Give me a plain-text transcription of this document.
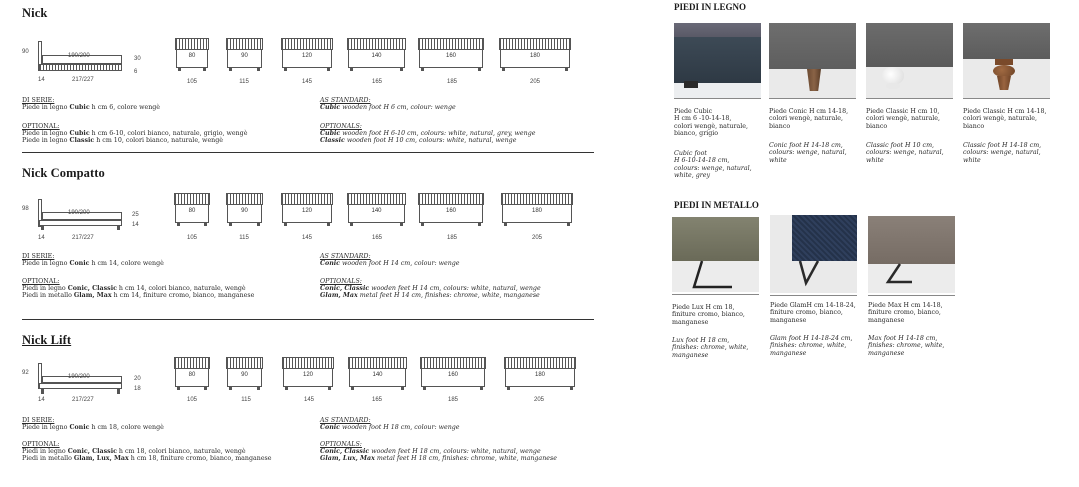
Nick
90
190/200	30
6
14	217/227
80
105
90
115
120
145
140
165
160
185
180
205
DI SERIE:
Piede in legno Cubic h cm 6, colore wengè
OPTIONAL:
Piede in legno Cubic h cm 6-10, colori bianco, naturale, grigio, wengè
Piede in legno Classic h cm 10, colori bianco, naturale, wengè
AS STANDARD:
Cubic wooden foot H 6 cm, colour: wenge
OPTIONALS:
Cubic wooden foot H 6-10 cm, colours: white, natural, grey, wenge
Classic wooden foot H 10 cm, colours: white, natural, wenge
Nick Compatto
98
190/200	25
14
14	217/227
80
105
90
115
120
145
140
165
160
185
180
205
DI SERIE:
Piede in legno Conic h cm 14, colore wengè
OPTIONAL:
Piedi in legno Conic, Classic h cm 14, colori bianco, naturale, wengè
Piedi in metallo Glam, Max h cm 14, finiture cromo, bianco, manganese
AS STANDARD:
Conic wooden foot H 14 cm, colour: wenge
OPTIONALS:
Conic, Classic wooden feet H 14 cm, colours: white, natural, wenge
Glam, Max metal feet H 14 cm, finishes: chrome, white, manganese
Nick Lift
92
190/200	20
18
14	217/227
80
105
90
115
120
145
140
165
160
185
180
205
DI SERIE:
Piede in legno Conic h cm 18, colore wengè
OPTIONAL:
Piedi in legno Conic, Classic h cm 18, colori bianco, naturale, wengè
Piedi in metallo Glam, Lux, Max h cm 18, finiture cromo, bianco, manganese
AS STANDARD:
Conic wooden foot H 18 cm, colour: wenge
OPTIONALS:
Conic, Classic wooden feet H 18 cm, colours: white, natural, wenge
Glam, Lux, Max metal feet H 18 cm, finishes: chrome, white, manganese
PIEDI IN LEGNO
Piede Cubic
H cm 6 -10-14-18,
colori wengè, naturale,
bianco, grigio
Cubic foot
H 6-10-14-18 cm,
colours: wenge, natural,
white, grey
Piede Conic H cm 14-18,
colori wengè, naturale,
bianco
Conic foot H 14-18 cm,
colours: wenge, natural,
white
Piede Classic H cm 10,
colori wengè, naturale,
bianco
Classic foot H 10 cm,
colours: wenge, natural,
white
Piede Classic H cm 14-18,
colori wengè, naturale,
bianco
Classic foot H 14-18 cm,
colours: wenge, natural,
white
PIEDI IN METALLO
Piede Lux H cm 18,
finiture cromo, bianco,
manganese
Lux foot H 18 cm,
finishes: chrome, white,
manganese
Piede GlamH cm 14-18-24,
finiture cromo, bianco,
manganese
Glam foot H 14-18-24 cm,
finishes: chrome, white,
manganese
Piede Max H cm 14-18,
finiture cromo, bianco,
manganese
Max foot H 14-18 cm,
finishes: chrome, white,
manganese
